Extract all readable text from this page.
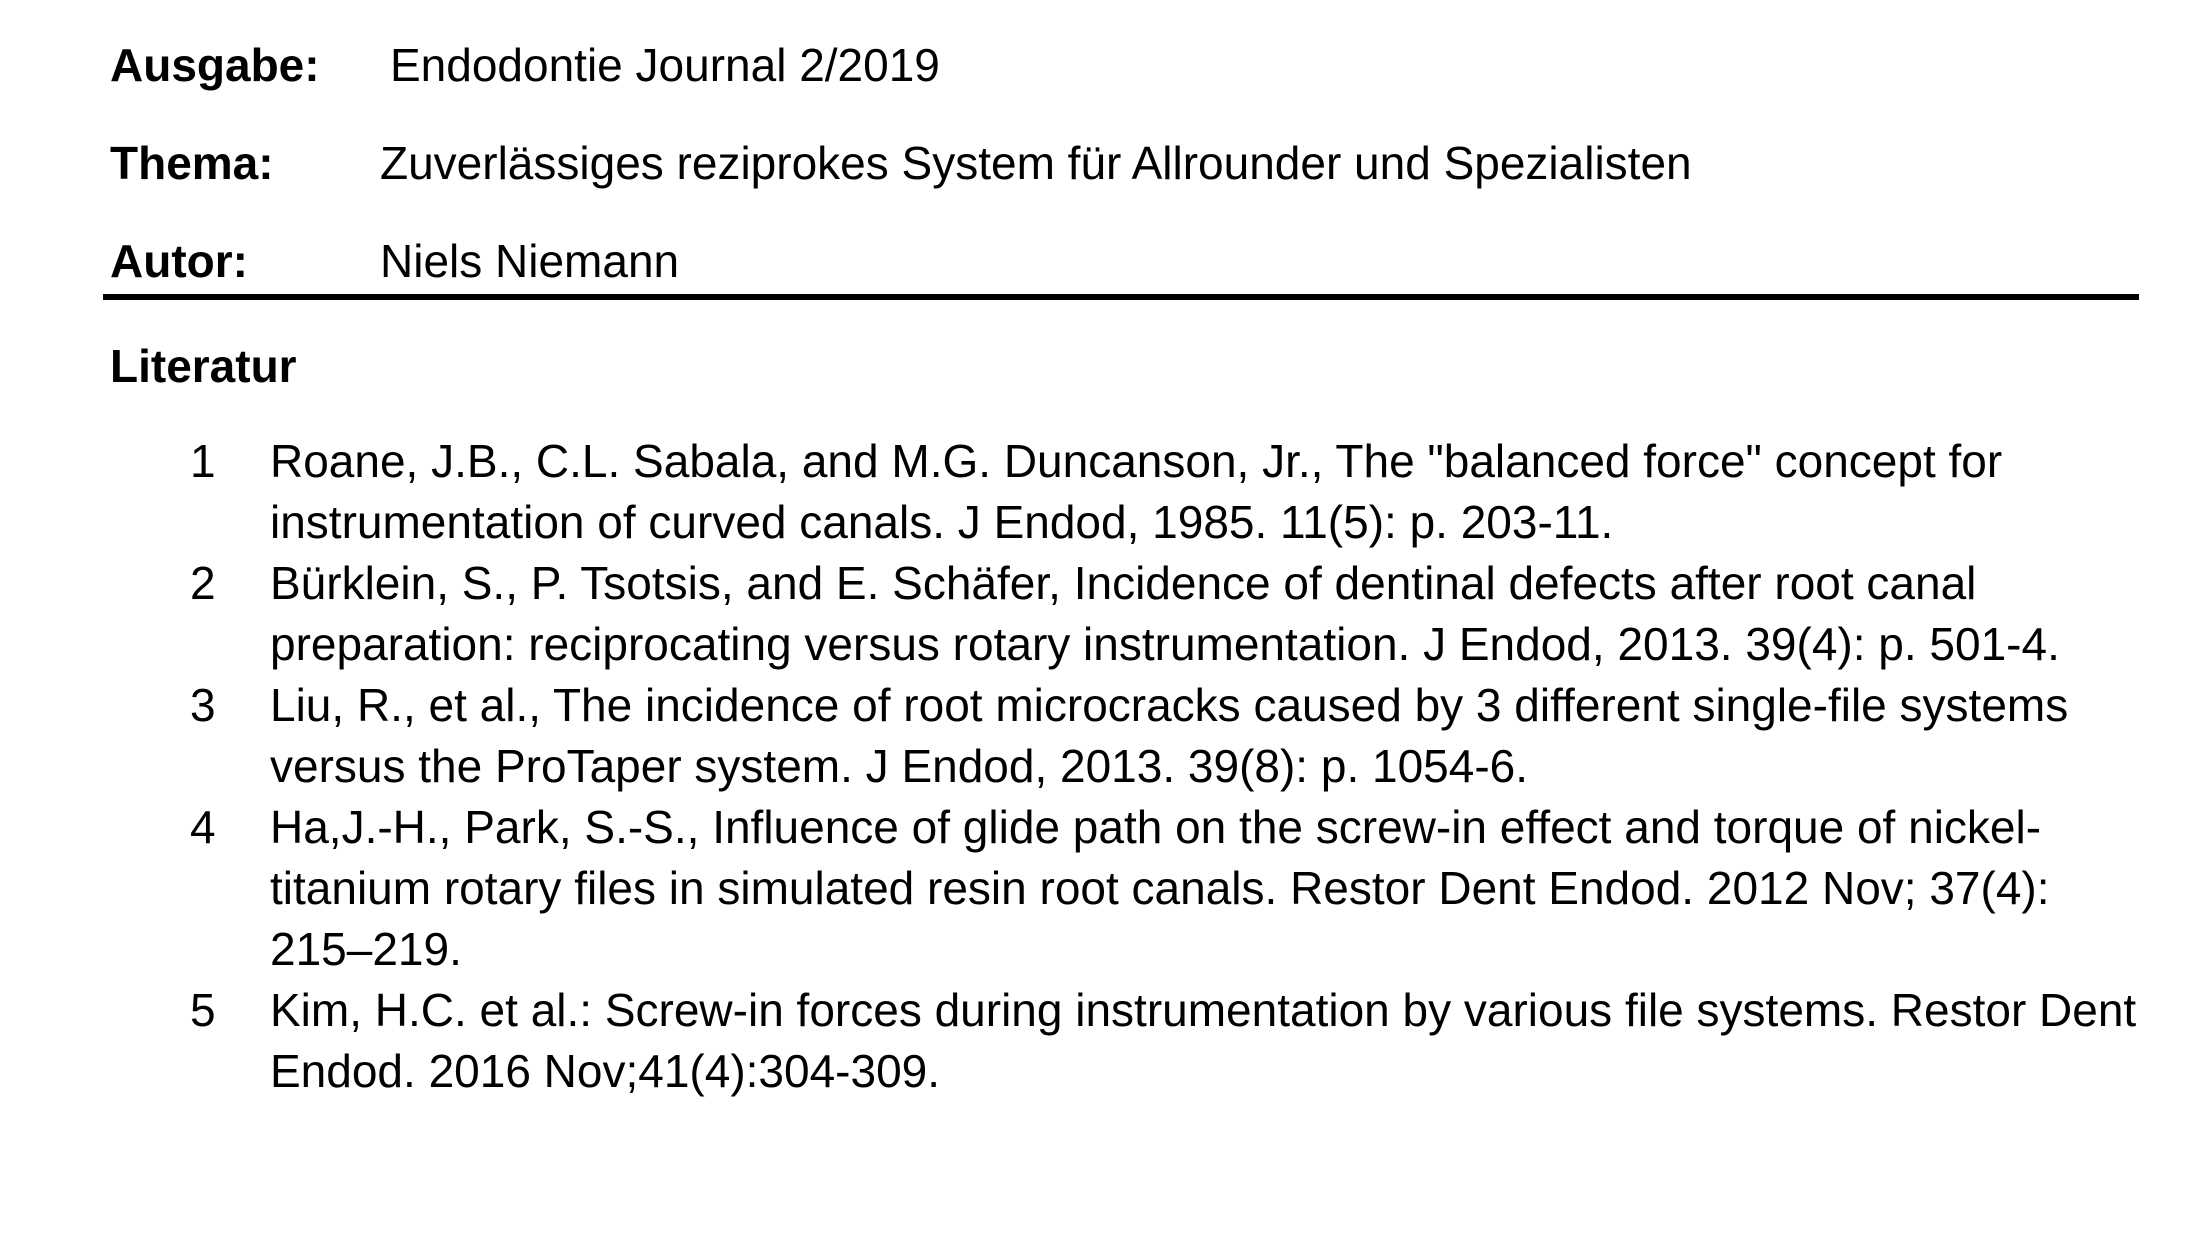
Ausgabe: Endodontie Journal 2/2019
Thema: Zuverlässiges reziprokes System für Allrounder und Spezialisten
Autor:	Niels Niemann
Literatur
1 Roane, J.B., C.L. Sabala, and M.G. Duncanson, Jr., The "balanced force" concept for instrumentation of curved canals. J Endod, 1985. 11(5): p. 203-11.
2 Bürklein, S., P. Tsotsis, and E. Schäfer, Incidence of dentinal defects after root canal preparation: reciprocating versus rotary instrumentation. J Endod, 2013. 39(4): p. 501-4.
3 Liu, R., et al., The incidence of root microcracks caused by 3 different single-file systems versus the ProTaper system. J Endod, 2013. 39(8): p. 1054-6.
4 Ha,J.-H., Park, S.-S., Influence of glide path on the screw-in effect and torque of nickel-titanium rotary files in simulated resin root canals. Restor Dent Endod. 2012 Nov; 37(4): 215–219.
5 Kim, H.C. et al.: Screw-in forces during instrumentation by various file systems. Restor Dent Endod. 2016 Nov;41(4):304-309.
